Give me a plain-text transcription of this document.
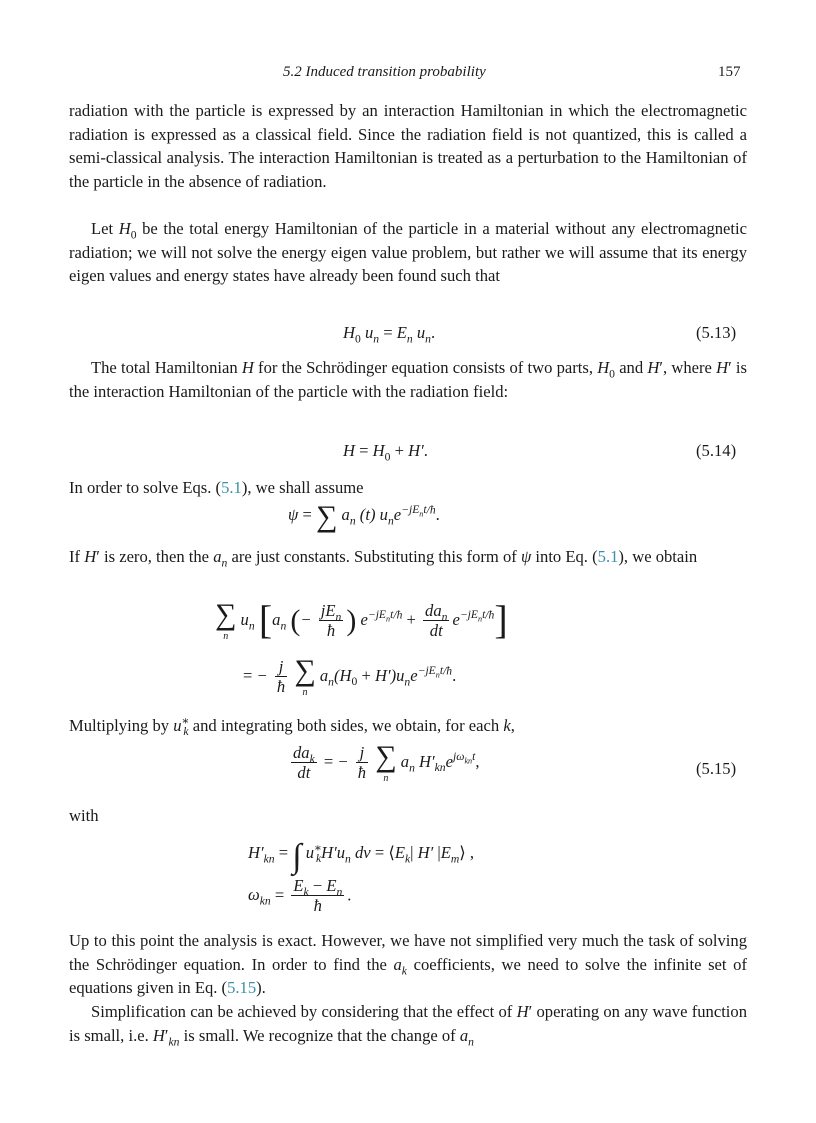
5.2 Induced transition probability	157

radiation with the particle is expressed by an interaction Hamiltonian in which the electromagnetic radiation is expressed as a classical field. Since the radiation field is not quantized, this is called a semi-classical analysis. The interaction Hamiltonian is treated as a perturbation to the Hamiltonian of the particle in the absence of radiation.

Let $H_0$ be the total energy Hamiltonian of the particle in a material without any electromagnetic radiation; we will not solve the energy eigen value problem, but rather we will assume that its energy eigen values and energy states have already been found such that

$H_0$ $u_n = E_n$ $u_n$.	(5.13)

The total Hamiltonian H for the Schrödinger equation consists of two parts, $H_0$ and H′, where H′ is the interaction Hamiltonian of the particle with the radiation field:

$H = H_0 + H'$.	(5.14)

In order to solve Eqs. (5.1), we shall assume

ψ = ∑ $a_n$ (t) $u_ne^{-jE_nt/ħ}$.

If H′ is zero, then the $a_n$ are just constants. Substituting this form of ψ into Eq. (5.1), we obtain

∑
n
$u_n$ [$a_n$ (− $\frac{jE_n}{ħ}$ ) $e^{-jE_nt/ħ} + \frac{da_n}{dt} e^{-jE_nt/ħ}$]
= − $\frac{j}{ħ}$
∑
n
$a_n(H_0 + H')u_ne^{-jE_nt/ħ}$.

Multiplying by $u^∗_k$ and integrating both sides, we obtain, for each k,

$\frac{da_k}{dt}$ = − $\frac{j}{ħ}$
∑
n
$a_n$ $H'_{kn}e^{j\omega_{kn}t}$,	(5.15)

with

$H'_{kn}$ = ∫ $u^∗_kH'u_n$ dv = $⟨E_k|$ H′ $|E_m⟩$ ,
$\omega_{kn} = \frac{E_k - E_n}{ħ}$ .

Up to this point the analysis is exact. However, we have not simplified very much the task of solving the Schrödinger equation. In order to find the $a_k$ coefficients, we need to solve the infinite set of equations given in Eq. (5.15).

Simplification can be achieved by considering that the effect of H′ operating on any wave function is small, i.e. $H'_{kn}$ is small. We recognize that the change of $a_n$
